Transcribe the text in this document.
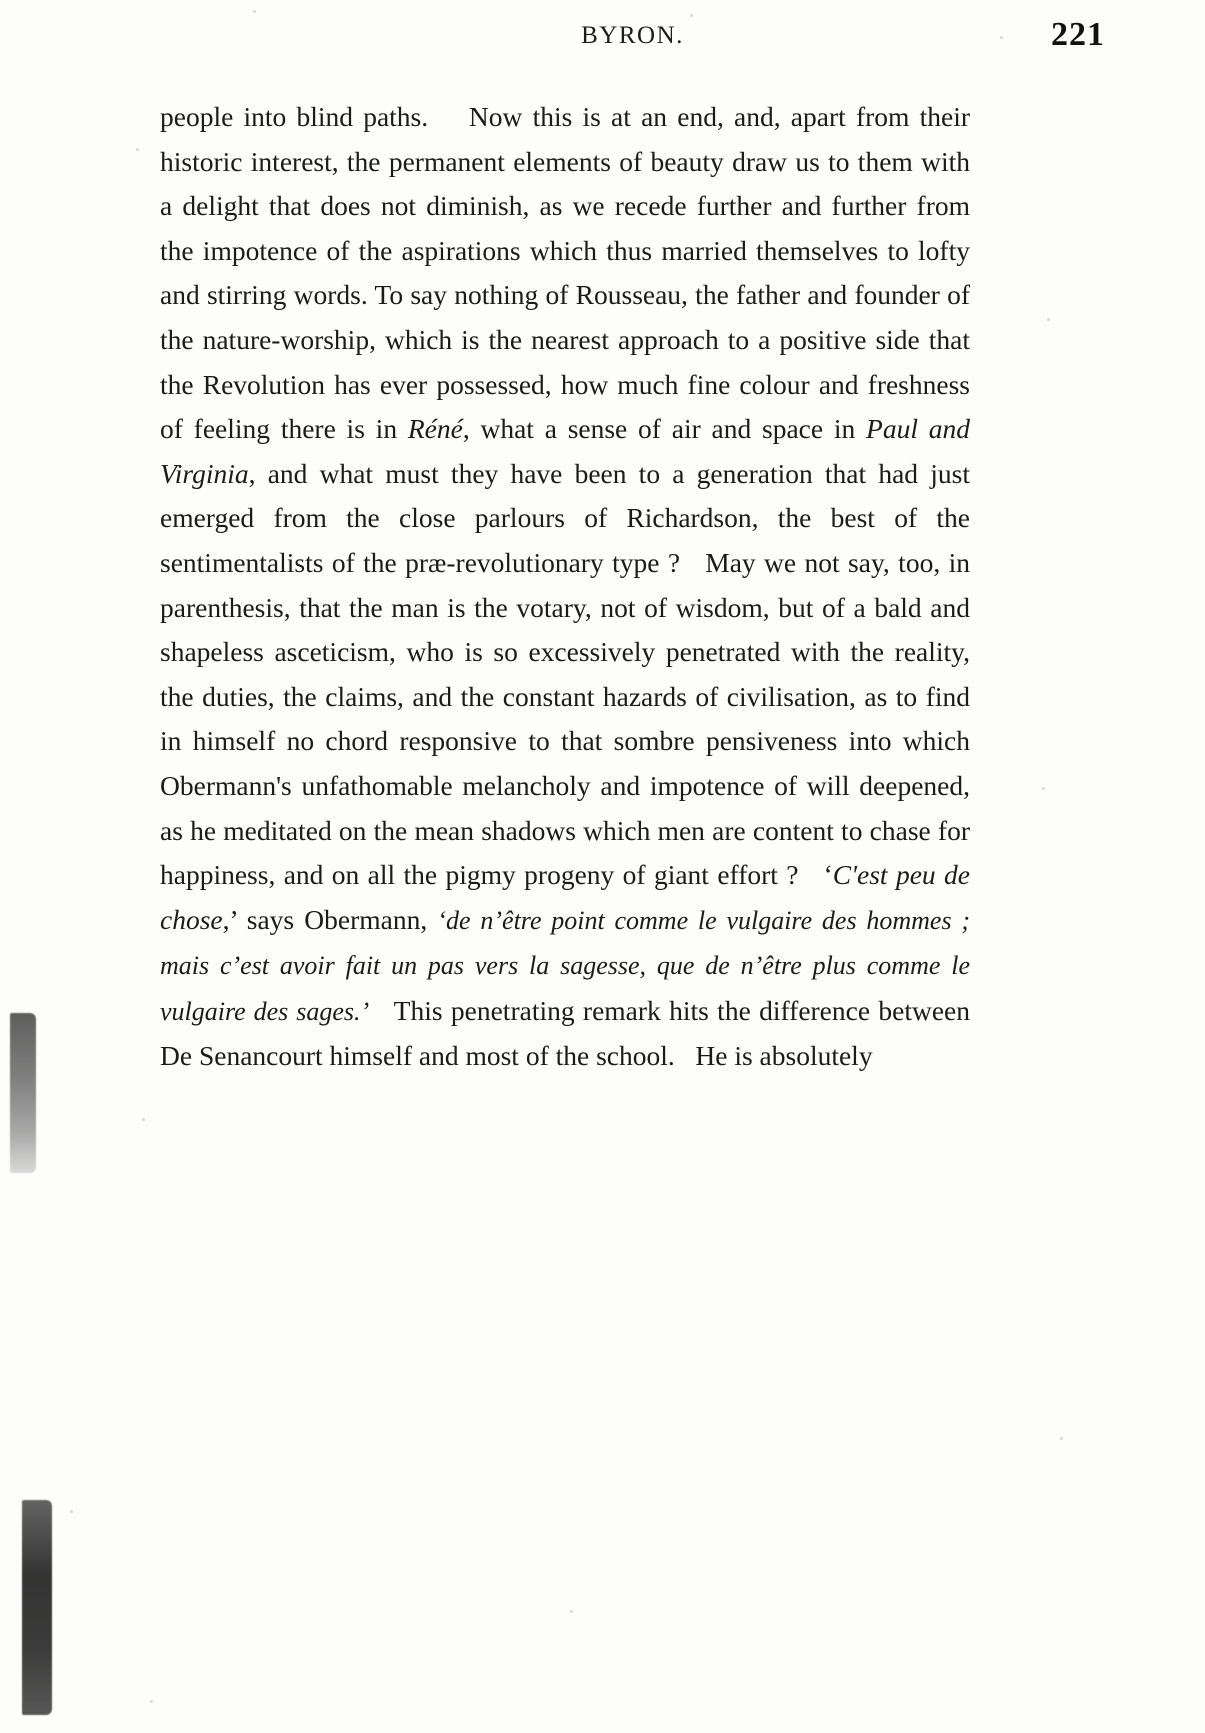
BYRON.	221

people into blind paths.    Now this is at an end, and, apart from their historic interest, the permanent elements of beauty draw us to them with a delight that does not diminish, as we recede further and further from the impotence of the aspirations which thus married themselves to lofty and stirring words. To say nothing of Rousseau, the father and founder of the nature-worship, which is the nearest approach to a positive side that the Revolution has ever possessed, how much fine colour and freshness of feeling there is in Réné, what a sense of air and space in Paul and Virginia, and what must they have been to a generation that had just emerged from the close parlours of Richardson, the best of the sentimentalists of the præ-revolutionary type ?   May we not say, too, in parenthesis, that the man is the votary, not of wisdom, but of a bald and shapeless asceticism, who is so excessively penetrated with the reality, the duties, the claims, and the constant hazards of civilisation, as to find in himself no chord responsive to that sombre pensiveness into which Obermann's unfathomable melancholy and impotence of will deepened, as he meditated on the mean shadows which men are content to chase for happiness, and on all the pigmy progeny of giant effort ?   ‘C'est peu de chose,’ says Obermann, ‘de n’être point comme le vulgaire des hommes ; mais c’est avoir fait un pas vers la sagesse, que de n’être plus comme le vulgaire des sages.’   This penetrating remark hits the difference between De Senancourt himself and most of the school.   He is absolutely
